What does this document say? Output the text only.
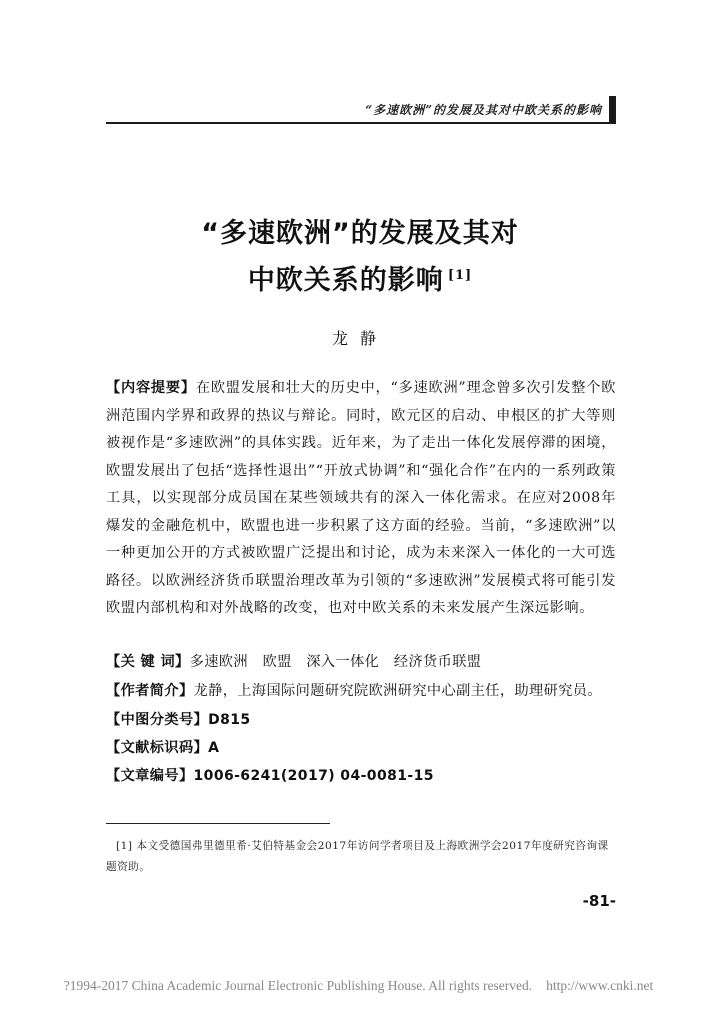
“多速欧洲”的发展及其对中欧关系的影响
“多速欧洲”的发展及其对
中欧关系的影响 [1]
龙静
【内容提要】在欧盟发展和壮大的历史中，“多速欧洲”理念曾多次引发整个欧洲范围内学界和政界的热议与辩论。同时，欧元区的启动、申根区的扩大等则被视作是“多速欧洲”的具体实践。近年来，为了走出一体化发展停滞的困境，欧盟发展出了包括“选择性退出”“开放式协调”和“强化合作”在内的一系列政策工具，以实现部分成员国在某些领域共有的深入一体化需求。在应对2008年爆发的金融危机中，欧盟也进一步积累了这方面的经验。当前，“多速欧洲”以一种更加公开的方式被欧盟广泛提出和讨论，成为未来深入一体化的一大可选路径。以欧洲经济货币联盟治理改革为引领的“多速欧洲”发展模式将可能引发欧盟内部机构和对外战略的改变，也对中欧关系的未来发展产生深远影响。
【关 键 词】多速欧洲　欧盟　深入一体化　经济货币联盟
【作者简介】龙静，上海国际问题研究院欧洲研究中心副主任，助理研究员。
【中图分类号】D815
【文献标识码】A
【文章编号】1006-6241(2017) 04-0081-15
[1] 本文受德国弗里德里希·艾伯特基金会2017年访问学者项目及上海欧洲学会2017年度研究咨询课题资助。
-81-
?1994-2017 China Academic Journal Electronic Publishing House. All rights reserved. http://www.cnki.net
